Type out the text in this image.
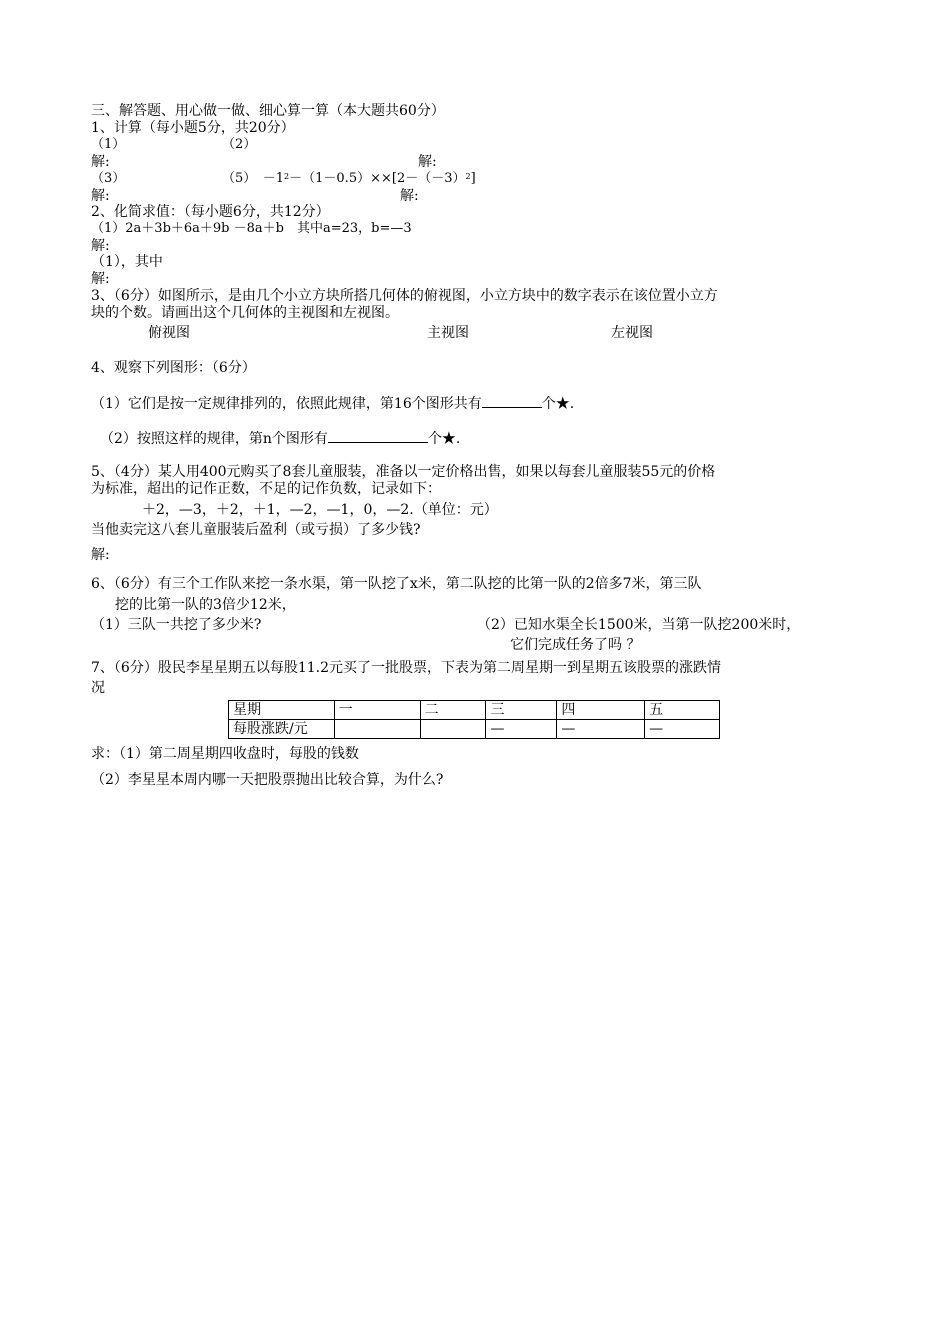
三、解答题、用心做一做、细心算一算（本大题共60分）
1、计算（每小题5分，共20分）
（1）	（2）
解:	解:
（3）	（5）　$-1^2-(1-0.5)\times\times[2-(-3)^2]$
解:	解:
2、化简求值：（每小题6分，共12分）
（1）2a＋3b＋6a＋9b －8a＋b　其中a=23，b=—3
解:
（1），其中
解:
3、（6分）如图所示，是由几个小立方块所搭几何体的俯视图，小立方块中的数字表示在该位置小立方
块的个数。请画出这个几何体的主视图和左视图。
俯视图	主视图	左视图
4、观察下列图形：（6分）
（1）它们是按一定规律排列的，依照此规律，第16个图形共有	个★.
（2）按照这样的规律，第n个图形有	个★.
5、（4分）某人用400元购买了8套儿童服装，准备以一定价格出售，如果以每套儿童服装55元的价格
为标准，超出的记作正数，不足的记作负数，记录如下：
＋2，—3，＋2，＋1，—2，—1，0，—2.（单位：元）
当他卖完这八套儿童服装后盈利（或亏损）了多少钱?
解:
6、（6分）有三个工作队来挖一条水渠，第一队挖了x米，第二队挖的比第一队的2倍多7米，第三队
挖的比第一队的3倍少12米，
（1）三队一共挖了多少米?	（2）已知水渠全长1500米，当第一队挖200米时，
它们完成任务了吗 ？
7、（6分）股民李星星期五以每股11.2元买了一批股票，下表为第二周星期一到星期五该股票的涨跌情
况
星期	一	二	三	四	五
每股涨跌/元			—	—	—
求：（1）第二周星期四收盘时，每股的钱数
（2）李星星本周内哪一天把股票抛出比较合算，为什么?
